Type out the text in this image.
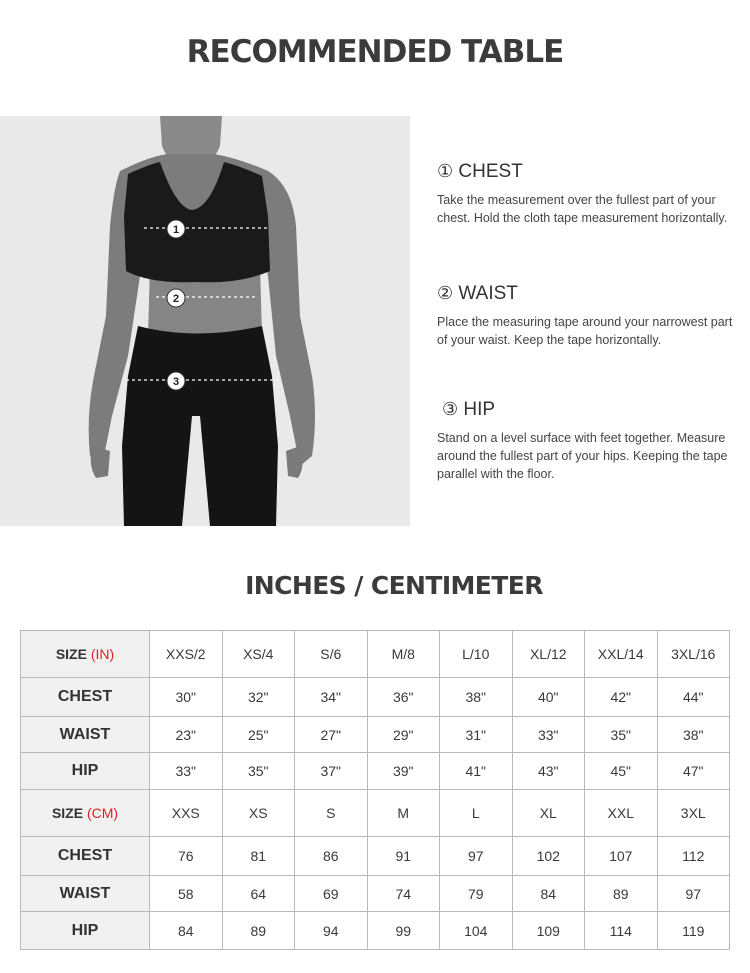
RECOMMENDED TABLE
1
2
3
① CHEST
Take the measurement over the fullest part of your chest. Hold the cloth tape measurement horizontally.
② WAIST
Place the measuring tape around your narrowest part of your waist. Keep the tape horizontally.
③ HIP
Stand on a level surface with feet together. Measure around the fullest part of your hips. Keeping the tape parallel with the floor.
INCHES / CENTIMETER
SIZE (IN)	XXS/2	XS/4	S/6	M/8	L/10	XL/12	XXL/14	3XL/16
CHEST	30"	32"	34"	36"	38"	40"	42"	44"
WAIST	23"	25"	27"	29"	31"	33"	35"	38"
HIP	33"	35"	37"	39"	41"	43"	45"	47"
SIZE (CM)	XXS	XS	S	M	L	XL	XXL	3XL
CHEST	76	81	86	91	97	102	107	112
WAIST	58	64	69	74	79	84	89	97
HIP	84	89	94	99	104	109	114	119
